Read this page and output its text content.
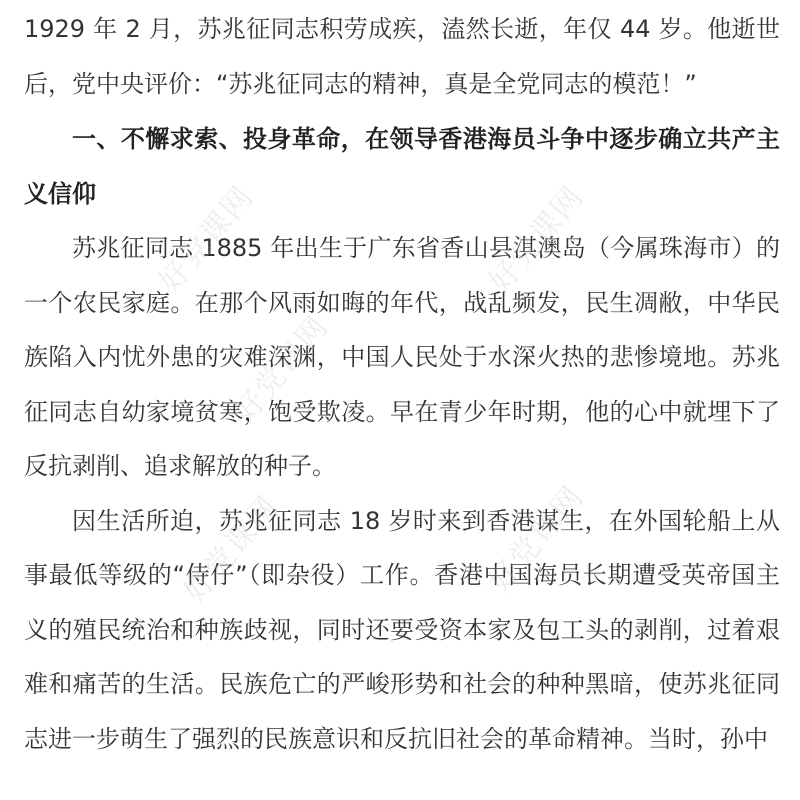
1929 年 2 月，苏兆征同志积劳成疾，溘然长逝，年仅 44 岁。他逝世后，党中央评价：“苏兆征同志的精神，真是全党同志的模范！”

一、不懈求索、投身革命，在领导香港海员斗争中逐步确立共产主义信仰

苏兆征同志 1885 年出生于广东省香山县淇澳岛（今属珠海市）的一个农民家庭。在那个风雨如晦的年代，战乱频发，民生凋敝，中华民族陷入内忧外患的灾难深渊，中国人民处于水深火热的悲惨境地。苏兆征同志自幼家境贫寒，饱受欺凌。早在青少年时期，他的心中就埋下了反抗剥削、追求解放的种子。

因生活所迫，苏兆征同志 18 岁时来到香港谋生，在外国轮船上从事最低等级的“侍仔”（即杂役）工作。香港中国海员长期遭受英帝国主义的殖民统治和种族歧视，同时还要受资本家及包工头的剥削，过着艰难和痛苦的生活。民族危亡的严峻形势和社会的种种黑暗，使苏兆征同志进一步萌生了强烈的民族意识和反抗旧社会的革命精神。当时，孙中

好党课网	好党课网
好党课网
好党课网	好党课网
